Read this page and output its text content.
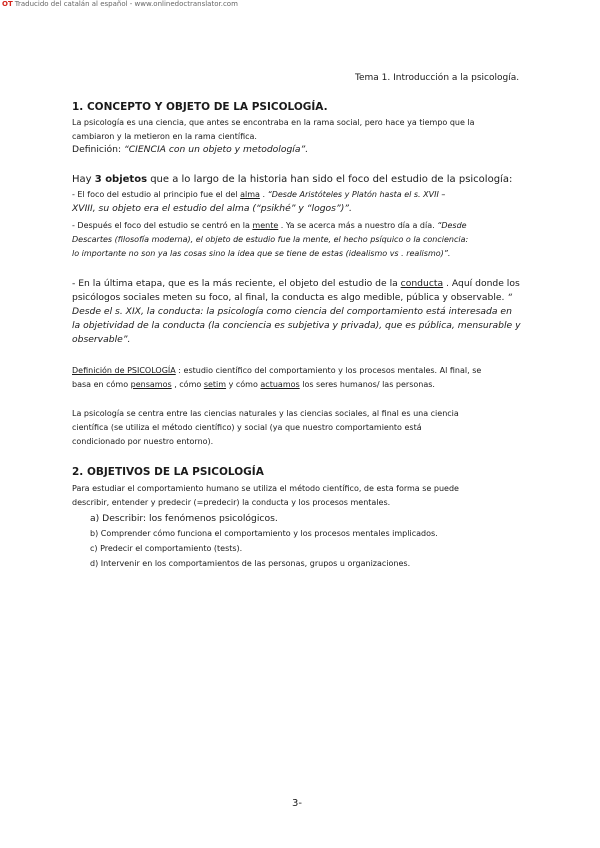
OT Traducido del catalán al español - www.onlinedoctranslator.com
Tema 1. Introducción a la psicología.
1. CONCEPTO Y OBJETO DE LA PSICOLOGÍA.
La psicología es una ciencia, que antes se encontraba en la rama social, pero hace ya tiempo que la
cambiaron y la metieron en la rama científica.
Definición: “CIENCIA con un objeto y metodología”.
Hay 3 objetos que a lo largo de la historia han sido el foco del estudio de la psicología:
- El foco del estudio al principio fue el del alma . “Desde Aristóteles y Platón hasta el s. XVII –
XVIII, su objeto era el estudio del alma (“psikhé” y “logos”)”.
- Después el foco del estudio se centró en la mente . Ya se acerca más a nuestro día a día. “Desde
Descartes (filosofía moderna), el objeto de estudio fue la mente, el hecho psíquico o la conciencia:
lo importante no son ya las cosas sino la idea que se tiene de estas (idealismo vs . realismo)”.
- En la última etapa, que es la más reciente, el objeto del estudio de la conducta . Aquí donde los
psicólogos sociales meten su foco, al final, la conducta es algo medible, pública y observable. “
Desde el s. XIX, la conducta: la psicología como ciencia del comportamiento está interesada en
la objetividad de la conducta (la conciencia es subjetiva y privada), que es pública, mensurable y
observable”.
Definición de PSICOLOGÍA : estudio científico del comportamiento y los procesos mentales. Al final, se
basa en cómo pensamos , cómo setim y cómo actuamos los seres humanos/ las personas.
La psicología se centra entre las ciencias naturales y las ciencias sociales, al final es una ciencia
científica (se utiliza el método científico) y social (ya que nuestro comportamiento está
condicionado por nuestro entorno).
2. OBJETIVOS DE LA PSICOLOGÍA
Para estudiar el comportamiento humano se utiliza el método científico, de esta forma se puede
describir, entender y predecir (=predecir) la conducta y los procesos mentales.
a) Describir: los fenómenos psicológicos.
b) Comprender cómo funciona el comportamiento y los procesos mentales implicados.
c) Predecir el comportamiento (tests).
d) Intervenir en los comportamientos de las personas, grupos u organizaciones.
3-
